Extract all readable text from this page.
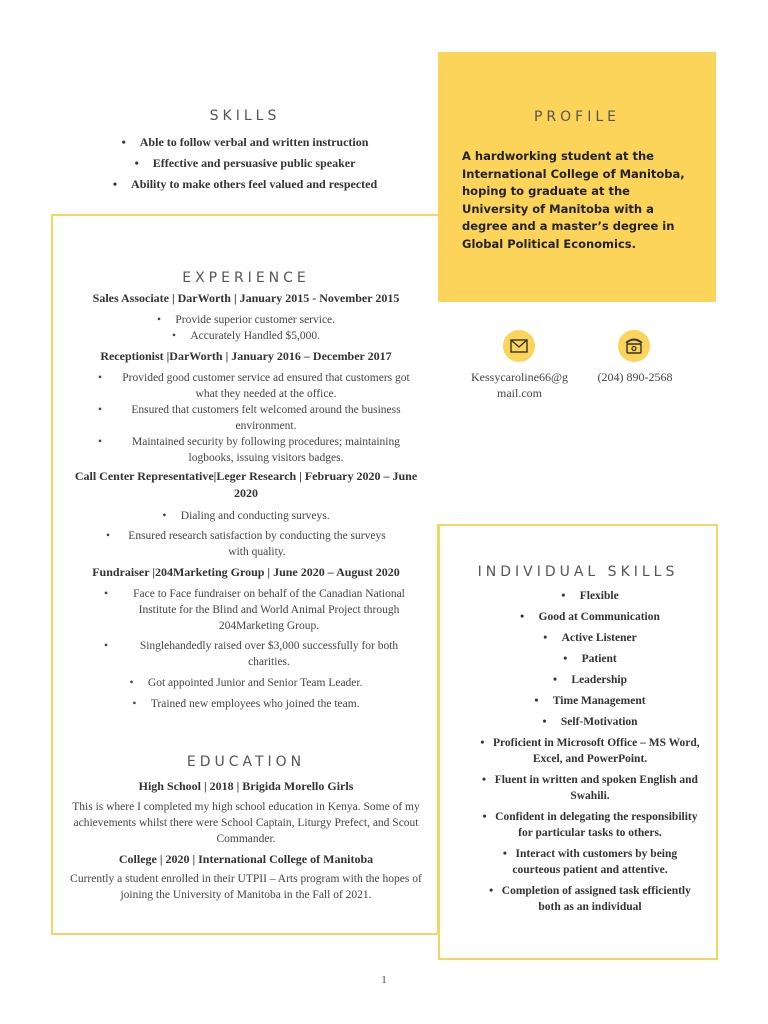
PROFILE
A hardworking student at the International College of Manitoba, hoping to graduate at the University of Manitoba with a degree and a master’s degree in Global Political Economics.
SKILLS
• Able to follow verbal and written instruction
• Effective and persuasive public speaker
• Ability to make others feel valued and respected
Kessycaroline66@g
mail.com
(204) 890-2568
EXPERIENCE
Sales Associate | DarWorth | January 2015 - November 2015
•     Provide superior customer service.
•     Accurately Handled $5,000.
Receptionist |DarWorth | January 2016 – December 2017
• Provided good customer service ad ensured that customers got what they needed at the office.
•	Ensured that customers felt welcomed around the business environment.
•	Maintained security by following procedures; maintaining logbooks, issuing visitors badges.
Call Center Representative|Leger Research | February 2020 – June 2020
•     Dialing and conducting surveys.
• Ensured research satisfaction by conducting the surveys with quality.
Fundraiser |204Marketing Group | June 2020 – August 2020
• Face to Face fundraiser on behalf of the Canadian National Institute for the Blind and World Animal Project through 204Marketing Group.
•	Singlehandedly raised over $3,000 successfully for both charities.
•     Got appointed Junior and Senior Team Leader.
•     Trained new employees who joined the team.
EDUCATION
High School | 2018 | Brigida Morello Girls
This is where I completed my high school education in Kenya. Some of my achievements whilst there were School Captain, Liturgy Prefect, and Scout Commander.
College | 2020 | International College of Manitoba
Currently a student enrolled in their UTPII – Arts program with the hopes of joining the University of Manitoba in the Fall of 2021.
INDIVIDUAL SKILLS
•     Flexible
•     Good at Communication
•     Active Listener
•     Patient
•     Leadership
•     Time Management
•     Self-Motivation
•   Proficient in Microsoft Office – MS Word, Excel, and PowerPoint.
•   Fluent in written and spoken English and Swahili.
•   Confident in delegating the responsibility for particular tasks to others.
•   Interact with customers by being courteous patient and attentive.
•   Completion of assigned task efficiently both as an individual
1
